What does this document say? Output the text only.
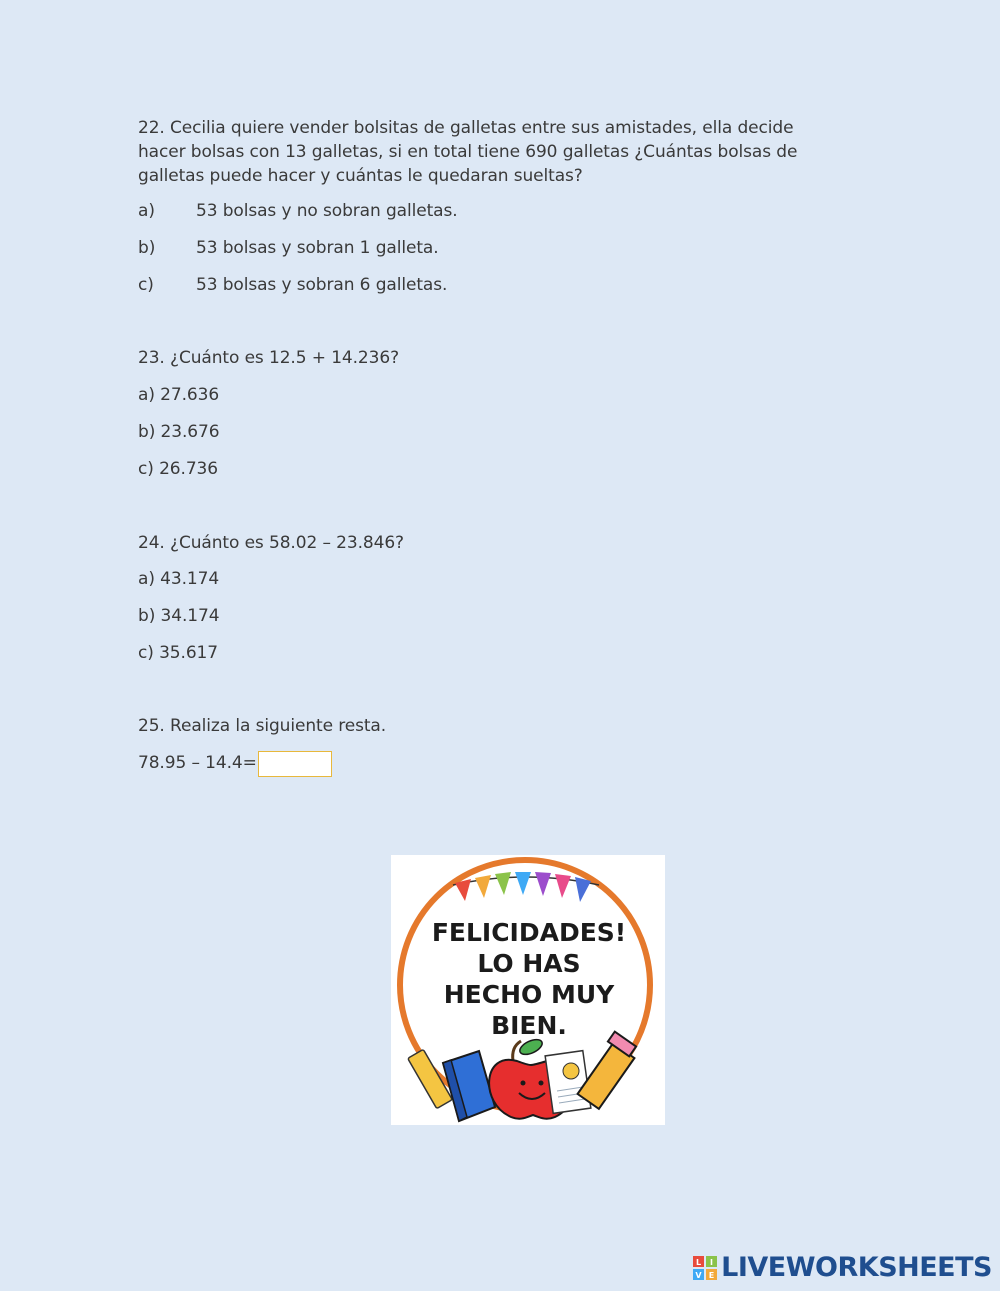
22. Cecilia quiere vender bolsitas de galletas entre sus amistades, ella decide hacer bolsas con 13 galletas, si en total tiene 690 galletas ¿Cuántas bolsas de galletas puede hacer y cuántas le quedaran sueltas?

a) 53 bolsas y no sobran galletas.
b) 53 bolsas y sobran 1 galleta.
c) 53 bolsas y sobran 6 galletas.
23. ¿Cuánto es 12.5 + 14.236?
a) 27.636
b) 23.676
c) 26.736
24. ¿Cuánto es 58.02 – 23.846?
a) 43.174
b) 34.174
c) 35.617
25. Realiza la siguiente resta.
78.95 – 14.4=
FELICIDADES!
LO HAS
HECHO MUY
BIEN.
L I
V E LIVEWORKSHEETS
